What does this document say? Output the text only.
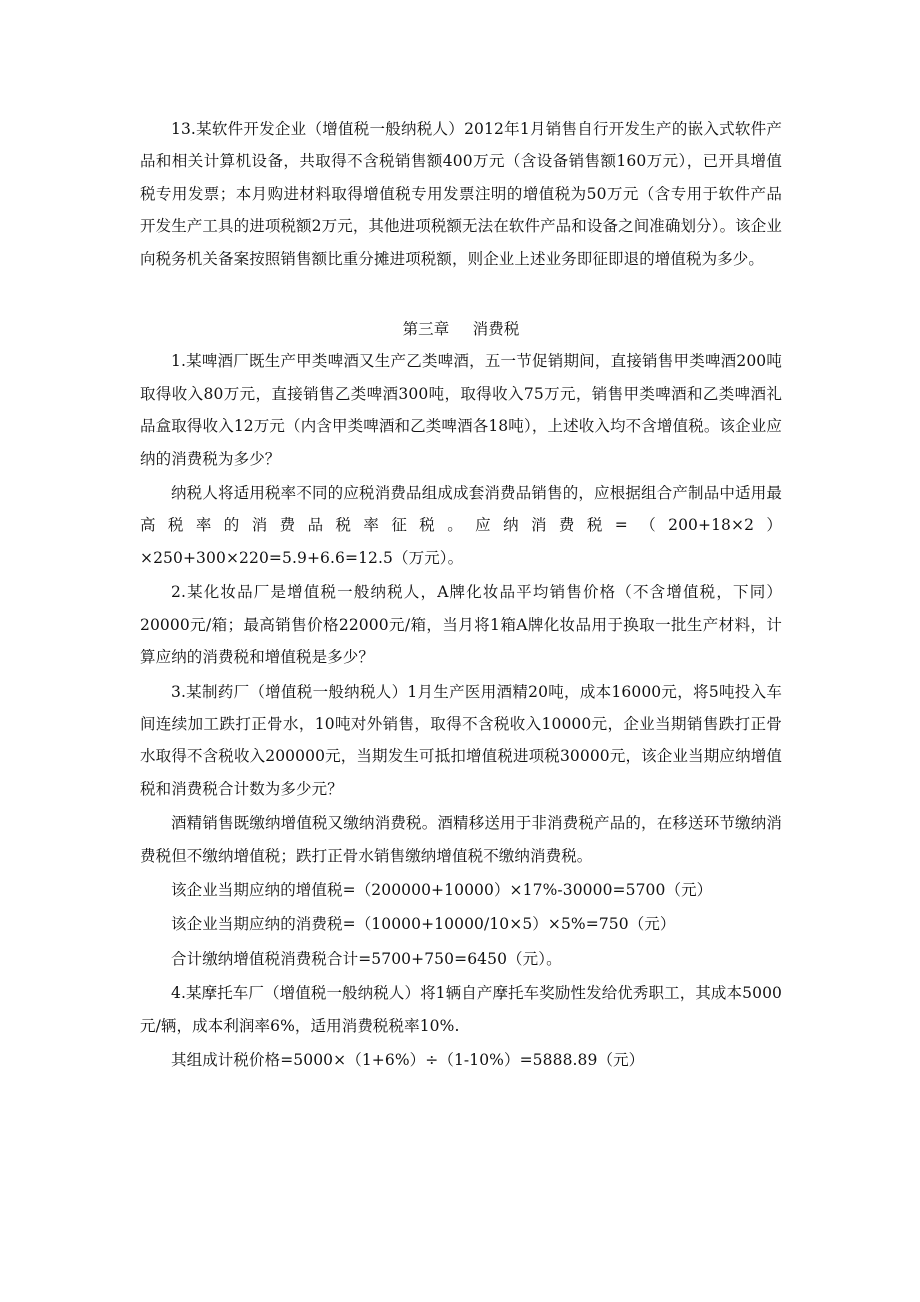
13.某软件开发企业（增值税一般纳税人）2012年1月销售自行开发生产的嵌入式软件产品和相关计算机设备，共取得不含税销售额400万元（含设备销售额160万元），已开具增值税专用发票；本月购进材料取得增值税专用发票注明的增值税为50万元（含专用于软件产品开发生产工具的进项税额2万元，其他进项税额无法在软件产品和设备之间准确划分）。该企业向税务机关备案按照销售额比重分摊进项税额，则企业上述业务即征即退的增值税为多少。

第三章 消费税

1.某啤酒厂既生产甲类啤酒又生产乙类啤酒，五一节促销期间，直接销售甲类啤酒200吨取得收入80万元，直接销售乙类啤酒300吨，取得收入75万元，销售甲类啤酒和乙类啤酒礼品盒取得收入12万元（内含甲类啤酒和乙类啤酒各18吨），上述收入均不含增值税。该企业应纳的消费税为多少？

纳税人将适用税率不同的应税消费品组成成套消费品销售的，应根据组合产制品中适用最高税率的消费品税率征税。应纳消费税=（200+18×2）×250+300×220=5.9+6.6=12.5（万元）。

2.某化妆品厂是增值税一般纳税人，A牌化妆品平均销售价格（不含增值税，下同）20000元/箱；最高销售价格22000元/箱，当月将1箱A牌化妆品用于换取一批生产材料，计算应纳的消费税和增值税是多少？

3.某制药厂（增值税一般纳税人）1月生产医用酒精20吨，成本16000元，将5吨投入车间连续加工跌打正骨水，10吨对外销售，取得不含税收入10000元，企业当期销售跌打正骨水取得不含税收入200000元，当期发生可抵扣增值税进项税30000元，该企业当期应纳增值税和消费税合计数为多少元？

酒精销售既缴纳增值税又缴纳消费税。酒精移送用于非消费税产品的，在移送环节缴纳消费税但不缴纳增值税；跌打正骨水销售缴纳增值税不缴纳消费税。

该企业当期应纳的增值税=（200000+10000）×17%-30000=5700（元）

该企业当期应纳的消费税=（10000+10000/10×5）×5%=750（元）

合计缴纳增值税消费税合计=5700+750=6450（元）。

4.某摩托车厂（增值税一般纳税人）将1辆自产摩托车奖励性发给优秀职工，其成本5000元/辆，成本利润率6%，适用消费税税率10%.

其组成计税价格=5000×（1+6%）÷（1-10%）=5888.89（元）
